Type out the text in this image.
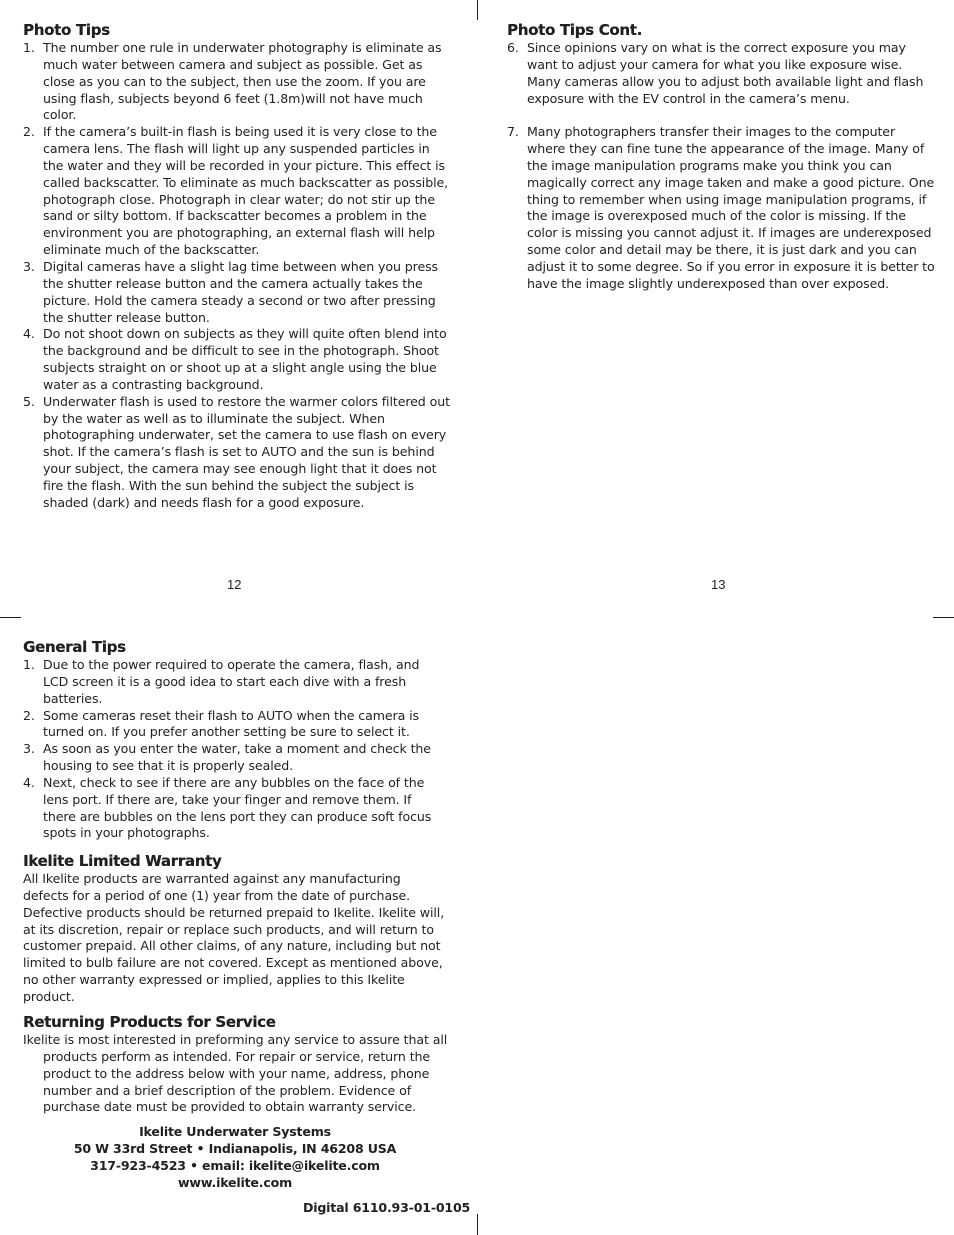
Photo Tips
1. The number one rule in underwater photography is eliminate as much water between camera and subject as possible. Get as close as you can to the subject, then use the zoom. If you are using flash, subjects beyond 6 feet (1.8m)will not have much color.
2. If the camera’s built-in flash is being used it is very close to the camera lens. The flash will light up any suspended particles in the water and they will be recorded in your picture. This effect is called backscatter. To eliminate as much backscatter as possible, photograph close. Photograph in clear water; do not stir up the sand or silty bottom. If backscatter becomes a problem in the environment you are photographing, an external flash will help eliminate much of the backscatter.
3. Digital cameras have a slight lag time between when you press the shutter release button and the camera actually takes the picture. Hold the camera steady a second or two after pressing the shutter release button.
4. Do not shoot down on subjects as they will quite often blend into the background and be difficult to see in the photograph. Shoot subjects straight on or shoot up at a slight angle using the blue water as a contrasting background.
5. Underwater flash is used to restore the warmer colors filtered out by the water as well as to illuminate the subject. When photographing underwater, set the camera to use flash on every shot. If the camera’s flash is set to AUTO and the sun is behind your subject, the camera may see enough light that it does not fire the flash. With the sun behind the subject the subject is shaded (dark) and needs flash for a good exposure.
12
Photo Tips Cont.
6. Since opinions vary on what is the correct exposure you may want to adjust your camera for what you like exposure wise. Many cameras allow you to adjust both available light and flash exposure with the EV control in the camera’s menu.
7. Many photographers transfer their images to the computer where they can fine tune the appearance of the image. Many of the image manipulation programs make you think you can magically correct any image taken and make a good picture. One thing to remember when using image manipulation programs, if the image is overexposed much of the color is missing. If the color is missing you cannot adjust it. If images are underexposed some color and detail may be there, it is just dark and you can adjust it to some degree. So if you error in exposure it is better to have the image slightly underexposed than over exposed.
13
General Tips
1. Due to the power required to operate the camera, flash, and LCD screen it is a good idea to start each dive with a fresh batteries.
2. Some cameras reset their flash to AUTO when the camera is turned on. If you prefer another setting be sure to select it.
3. As soon as you enter the water, take a moment and check the housing to see that it is properly sealed.
4. Next, check to see if there are any bubbles on the face of the lens port. If there are, take your finger and remove them. If there are bubbles on the lens port they can produce soft focus spots in your photographs.
Ikelite Limited Warranty

All Ikelite products are warranted against any manufacturing defects for a period of one (1) year from the date of purchase. Defective products should be returned prepaid to Ikelite. Ikelite will, at its discretion, repair or replace such products, and will return to customer prepaid. All other claims, of any nature, including but not limited to bulb failure are not covered. Except as mentioned above, no other warranty expressed or implied, applies to this Ikelite product.

Returning Products for Service

Ikelite is most interested in preforming any service to assure that all products perform as intended. For repair or service, return the product to the address below with your name, address, phone number and a brief description of the problem. Evidence of purchase date must be provided to obtain warranty service.

Ikelite Underwater Systems
50 W 33rd Street • Indianapolis, IN 46208 USA
317-923-4523 • email: ikelite@ikelite.com
www.ikelite.com
Digital 6110.93-01-0105
